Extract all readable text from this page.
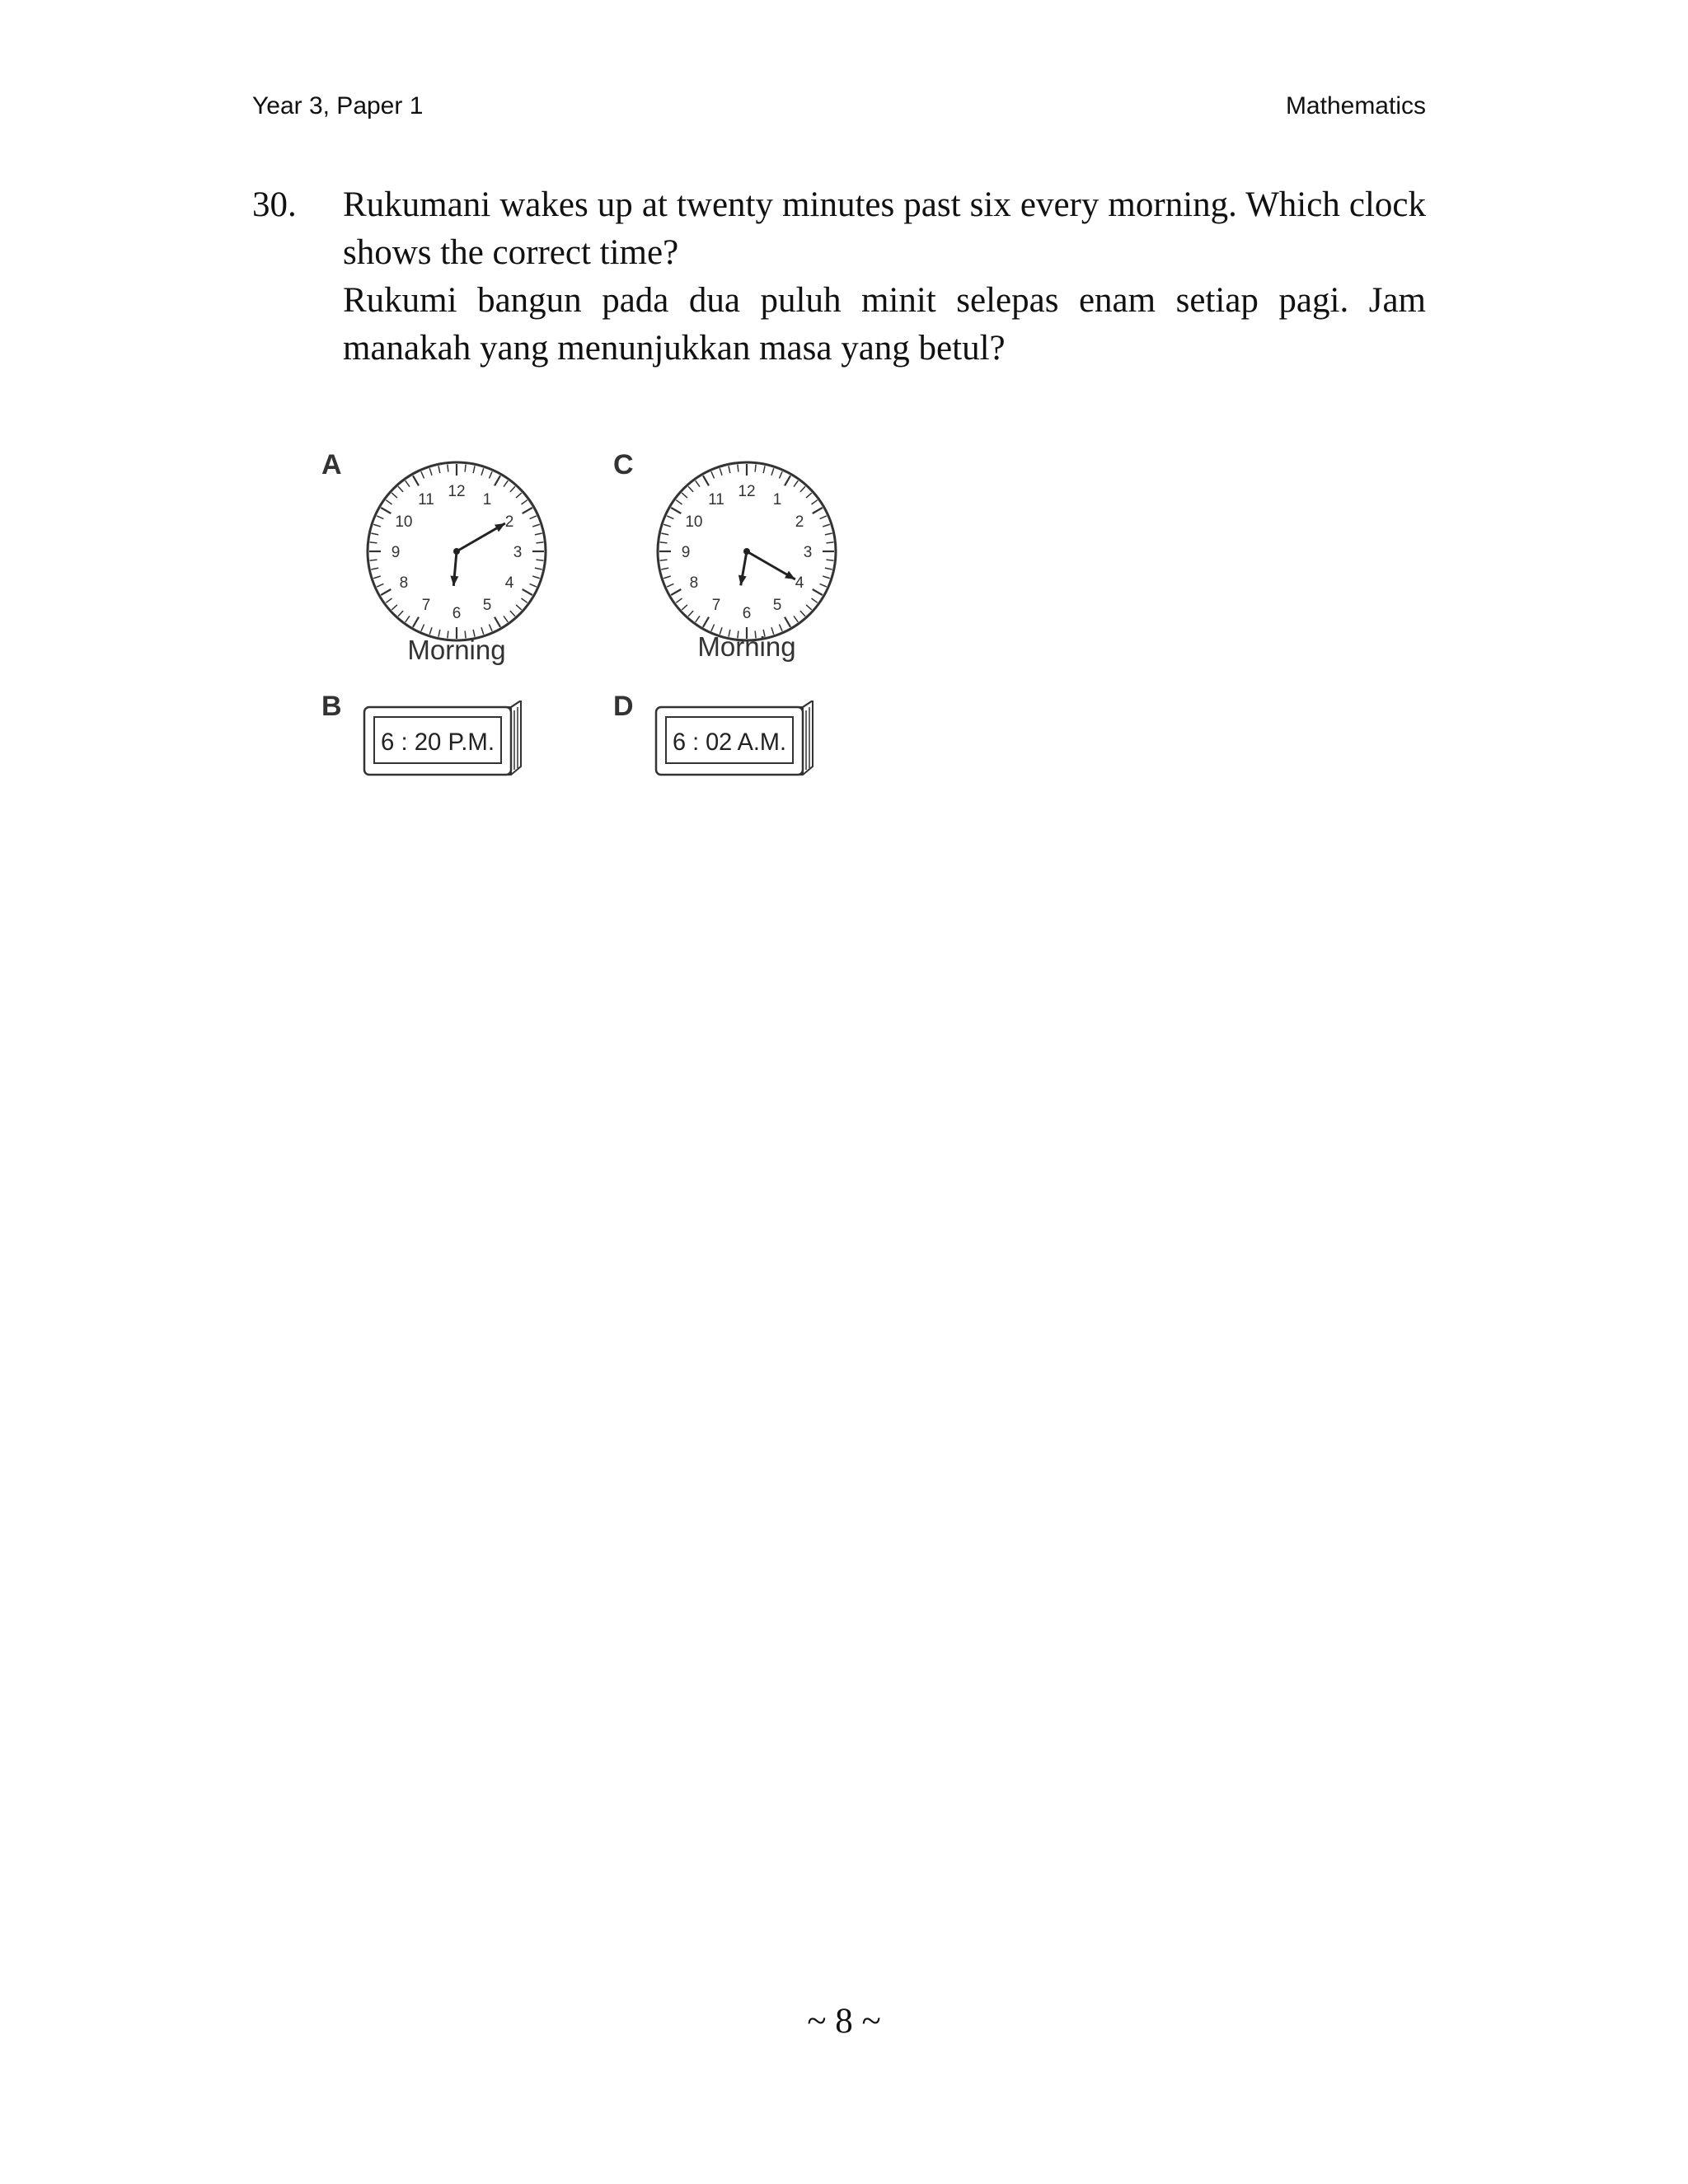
Year 3, Paper 1	Mathematics
30. Rukumani wakes up at twenty minutes past six every morning. Which clock shows the correct time?

Rukumi bangun pada dua puluh minit selepas enam setiap pagi. Jam manakah yang menunjukkan masa yang betul?

A
12 1
2
3
4
5
6
7
8
9
10
11
Morning
C
12 1
2
3
4
5
6
7
8
9
10
11
Morning
B
6 : 20 P.M.
D
6 : 02 A.M.
~ 8 ~
